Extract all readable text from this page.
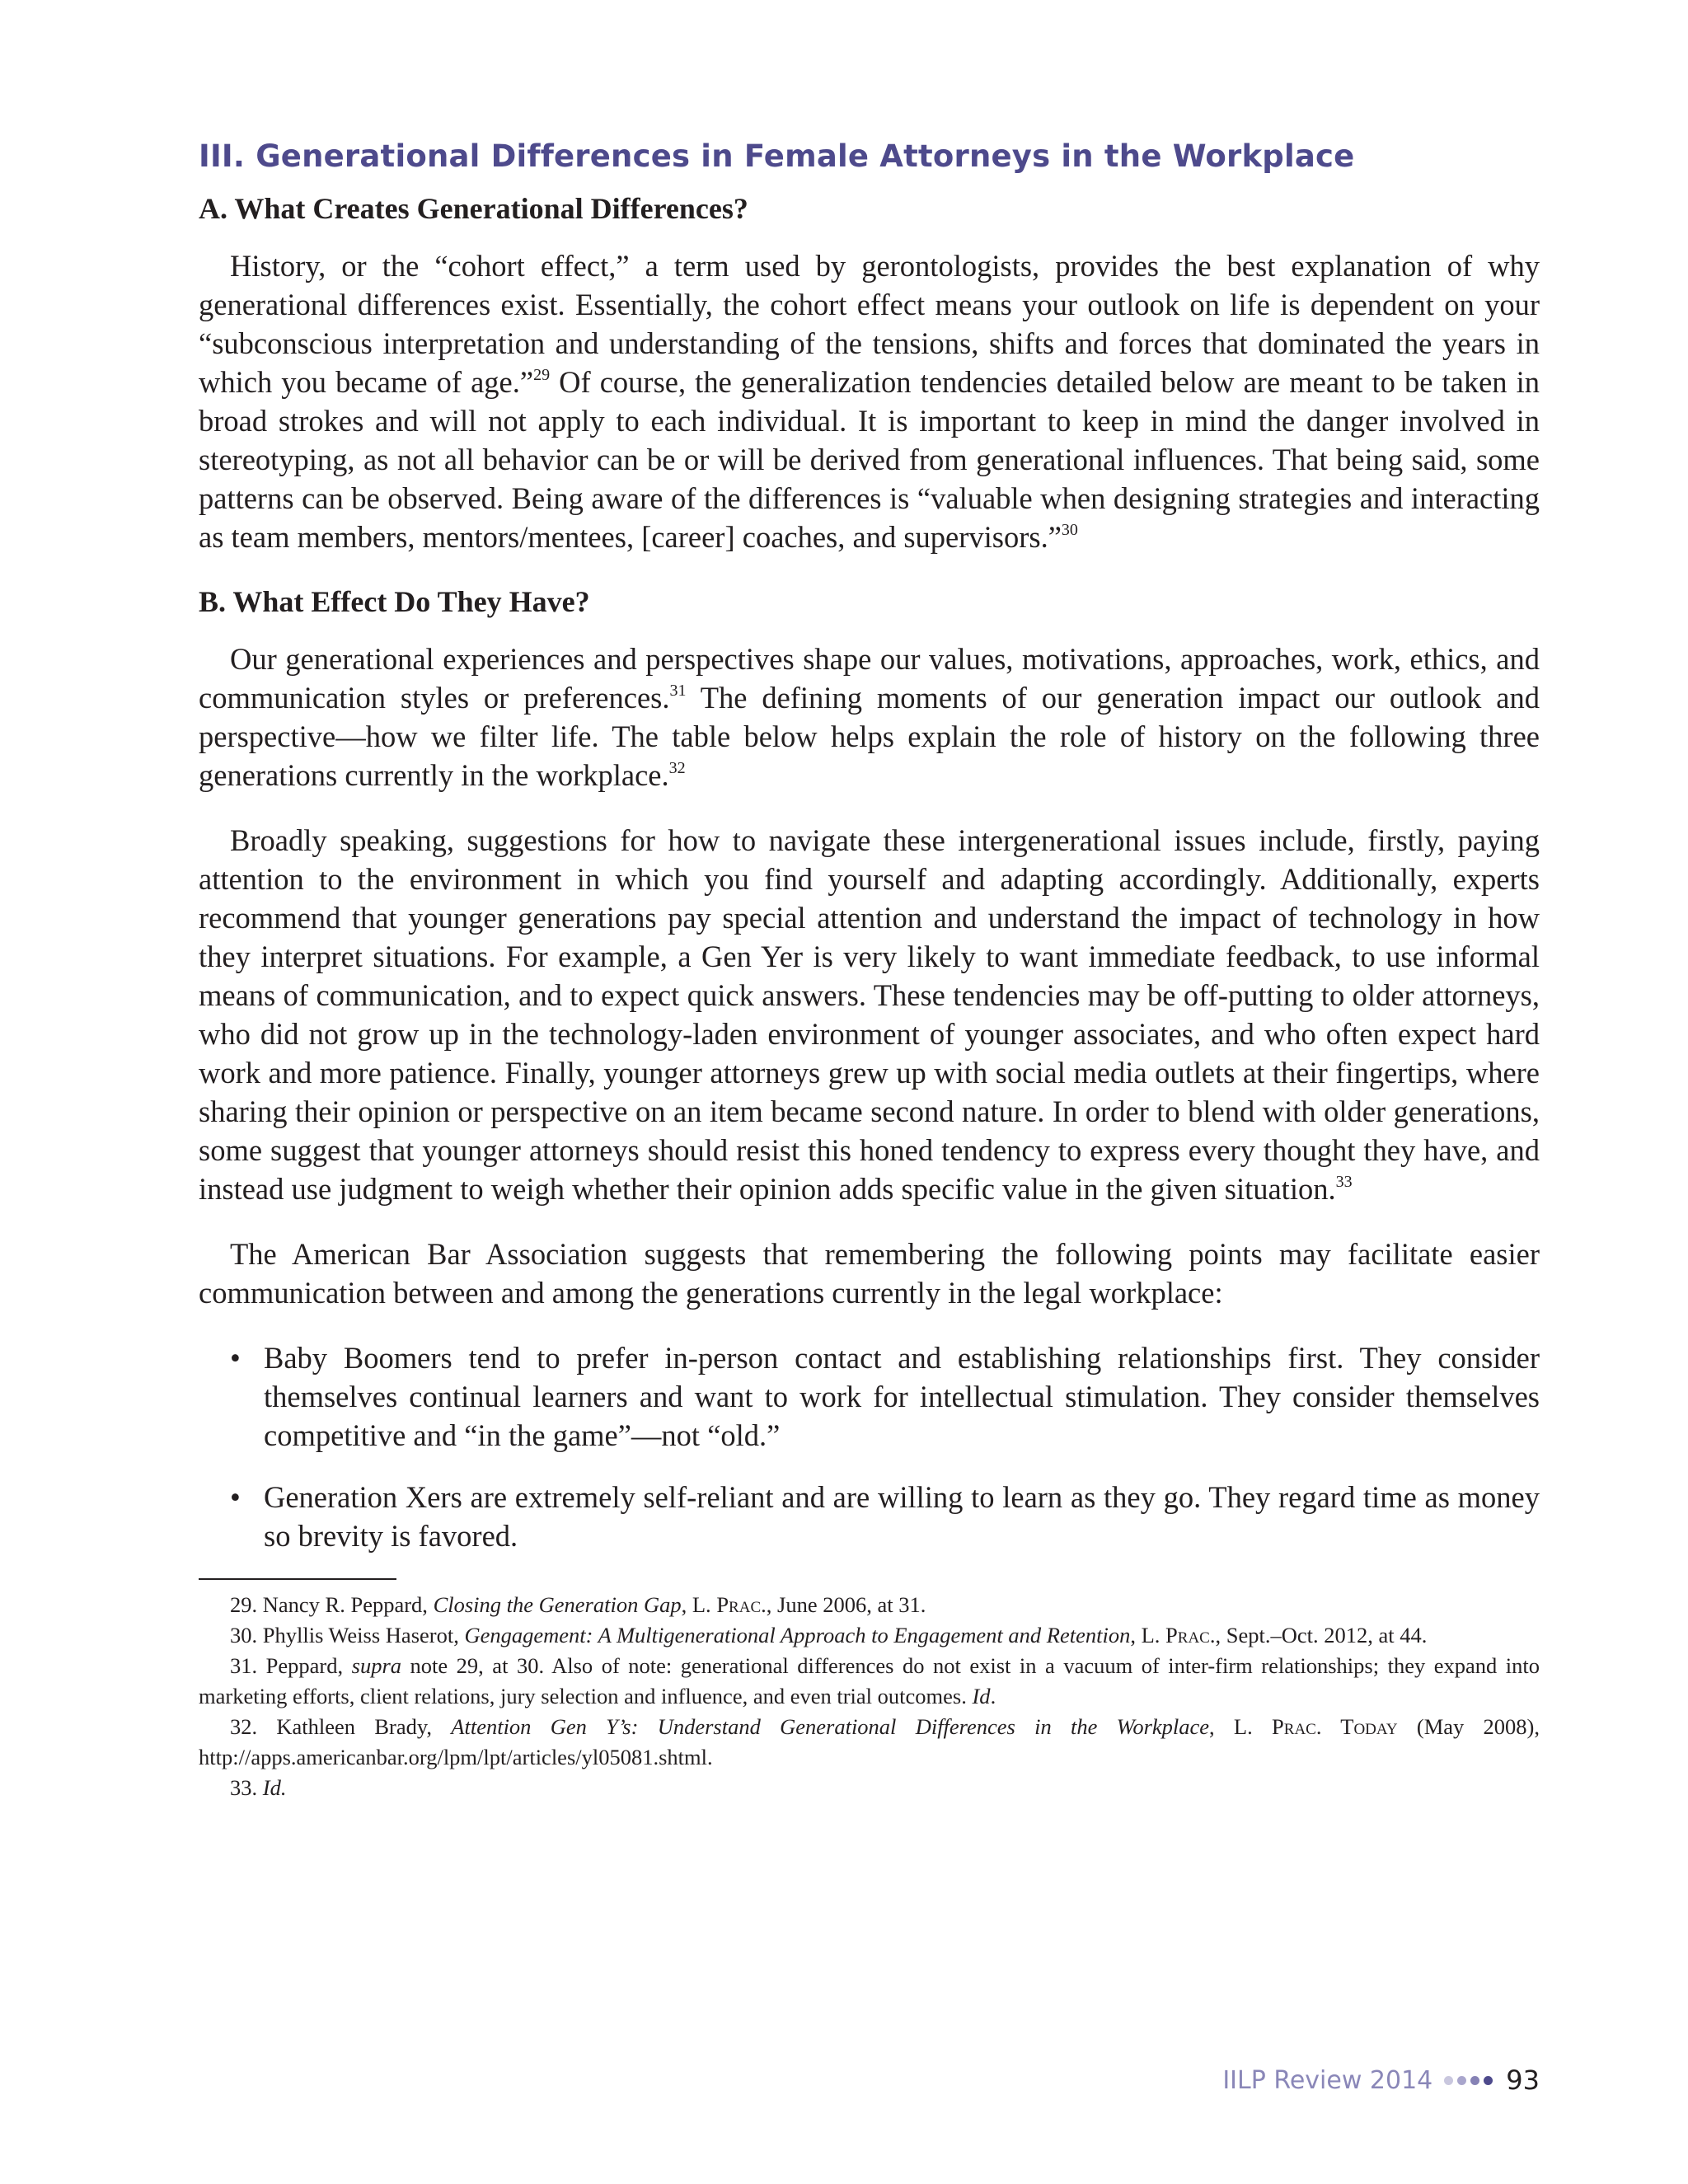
III. Generational Differences in Female Attorneys in the Workplace
A. What Creates Generational Differences?

History, or the “cohort effect,” a term used by gerontologists, provides the best explanation of why generational differences exist. Essentially, the cohort effect means your outlook on life is dependent on your “subconscious interpretation and understanding of the tensions, shifts and forces that dominated the years in which you became of age.”$^{29}$ Of course, the generalization tendencies detailed below are meant to be taken in broad strokes and will not apply to each individual. It is important to keep in mind the danger involved in stereotyping, as not all behavior can be or will be derived from generational influences. That being said, some patterns can be observed. Being aware of the differences is “valuable when designing strategies and interacting as team members, mentors/mentees, [career] coaches, and supervisors.”$^{30}$

B. What Effect Do They Have?

Our generational experiences and perspectives shape our values, motivations, approaches, work, ethics, and communication styles or preferences.$^{31}$ The defining moments of our generation impact our outlook and perspective—how we filter life. The table below helps explain the role of history on the following three generations currently in the workplace.$^{32}$

Broadly speaking, suggestions for how to navigate these intergenerational issues include, firstly, paying attention to the environment in which you find yourself and adapting accordingly. Additionally, experts recommend that younger generations pay special attention and understand the impact of technology in how they interpret situations. For example, a Gen Yer is very likely to want immediate feedback, to use informal means of communication, and to expect quick answers. These tendencies may be off-putting to older attorneys, who did not grow up in the technology-laden environment of younger associates, and who often expect hard work and more patience. Finally, younger attorneys grew up with social media outlets at their fingertips, where sharing their opinion or perspective on an item became second nature. In order to blend with older generations, some suggest that younger attorneys should resist this honed tendency to express every thought they have, and instead use judgment to weigh whether their opinion adds specific value in the given situation.$^{33}$

The American Bar Association suggests that remembering the following points may facilitate easier communication between and among the generations currently in the legal workplace:

• Baby Boomers tend to prefer in-person contact and establishing relationships first. They consider themselves continual learners and want to work for intellectual stimulation. They consider themselves competitive and “in the game”—not “old.”
• Generation Xers are extremely self-reliant and are willing to learn as they go. They regard time as money so brevity is favored.

29. Nancy R. Peppard, Closing the Generation Gap, L. Prac., June 2006, at 31.

30. Phyllis Weiss Haserot, Gengagement: A Multigenerational Approach to Engagement and Retention, L. Prac., Sept.–Oct. 2012, at 44.

31. Peppard, supra note 29, at 30. Also of note: generational differences do not exist in a vacuum of inter-firm relationships; they expand into marketing efforts, client relations, jury selection and influence, and even trial outcomes. Id.

32. Kathleen Brady, Attention Gen Y’s: Understand Generational Differences in the Workplace, L. Prac. Today (May 2008), http://apps.americanbar.org/lpm/lpt/articles/yl05081.shtml.

33. Id.

IILP Review 2014	93
